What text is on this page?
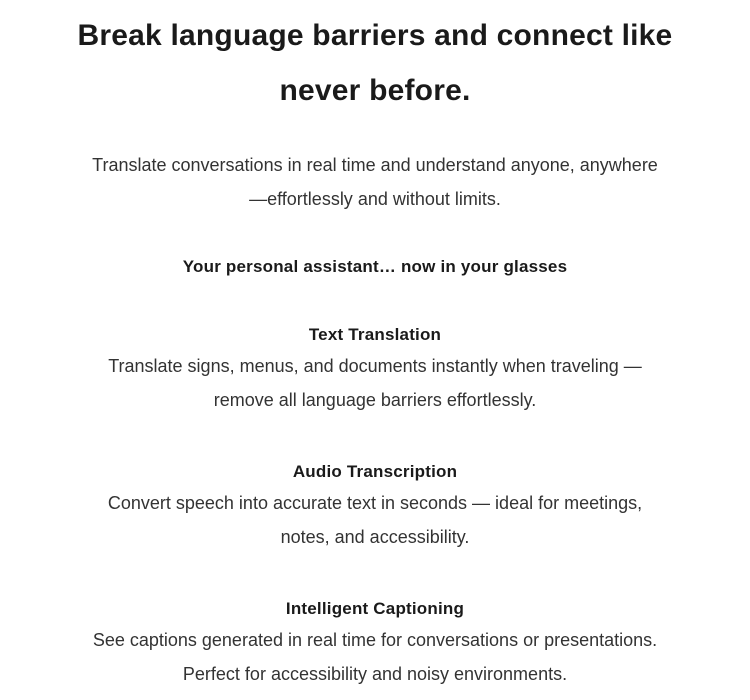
Break language barriers and connect like
never before.

Translate conversations in real time and understand anyone, anywhere
—effortlessly and without limits.

Your personal assistant… now in your glasses
Text Translation

Translate signs, menus, and documents instantly when traveling —
remove all language barriers effortlessly.

Audio Transcription

Convert speech into accurate text in seconds — ideal for meetings,
notes, and accessibility.

Intelligent Captioning

See captions generated in real time for conversations or presentations.
Perfect for accessibility and noisy environments.
